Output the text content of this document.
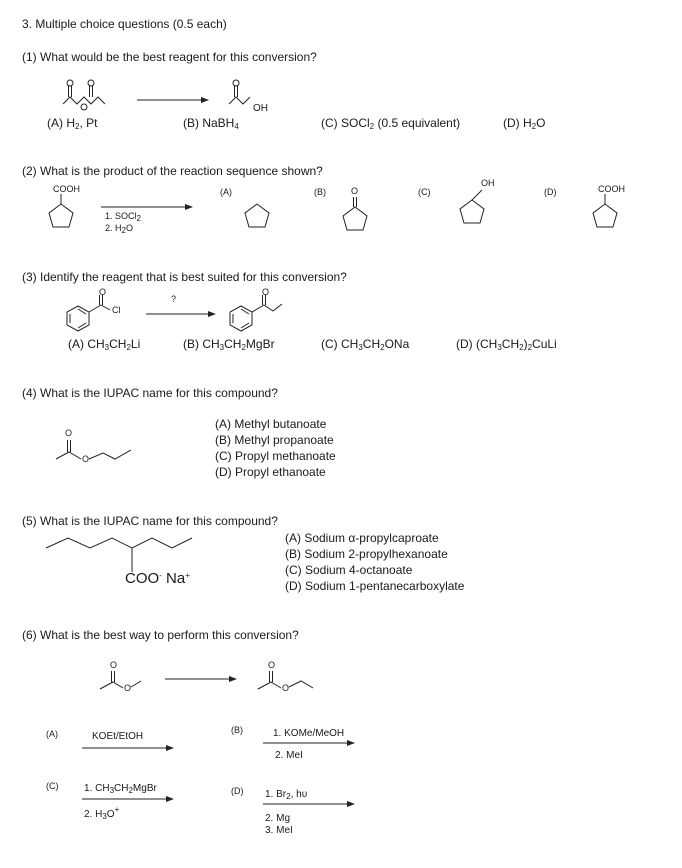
3. Multiple choice questions (0.5 each)
(1) What would be the best reagent for this conversion?
OH
(A) $H_2$, Pt	(B) NaBH$_4$	(C) SOCl$_2$ (0.5 equivalent)	(D) $H_2O$
(2) What is the product of the reaction sequence shown?
COOH
1. SOCl$_2$
2. $H_2O$
(A)	(B)	O	(C)
OH
(D)	COOH
(3) Identify the reagent that is best suited for this conversion?
O
Cl
?
O
(A) $CH_3CH_2Li$	(B) $CH_3CH_2MgBr$	(C) $CH_3CH_2ONa$	(D) $(CH_3CH_2)_2CuLi$
(4) What is the IUPAC name for this compound?
O
O
(A) Methyl butanoate
(B) Methyl propanoate
(C) Propyl methanoate
(D) Propyl ethanoate
(5) What is the IUPAC name for this compound?
COO- Na+
(A) Sodium α-propylcaproate
(B) Sodium 2-propylhexanoate
(C) Sodium 4-octanoate
(D) Sodium 1-pentanecarboxylate
(6) What is the best way to perform this conversion?
O
O
O
O
(A)	KOEt/EtOH
(B)	1. KOMe/MeOH
2. MeI
(C)	1. $CH_3CH_2MgBr$
2. $H_3O^+$
(D) 1. $Br_2$, hυ
2. Mg
3. MeI
